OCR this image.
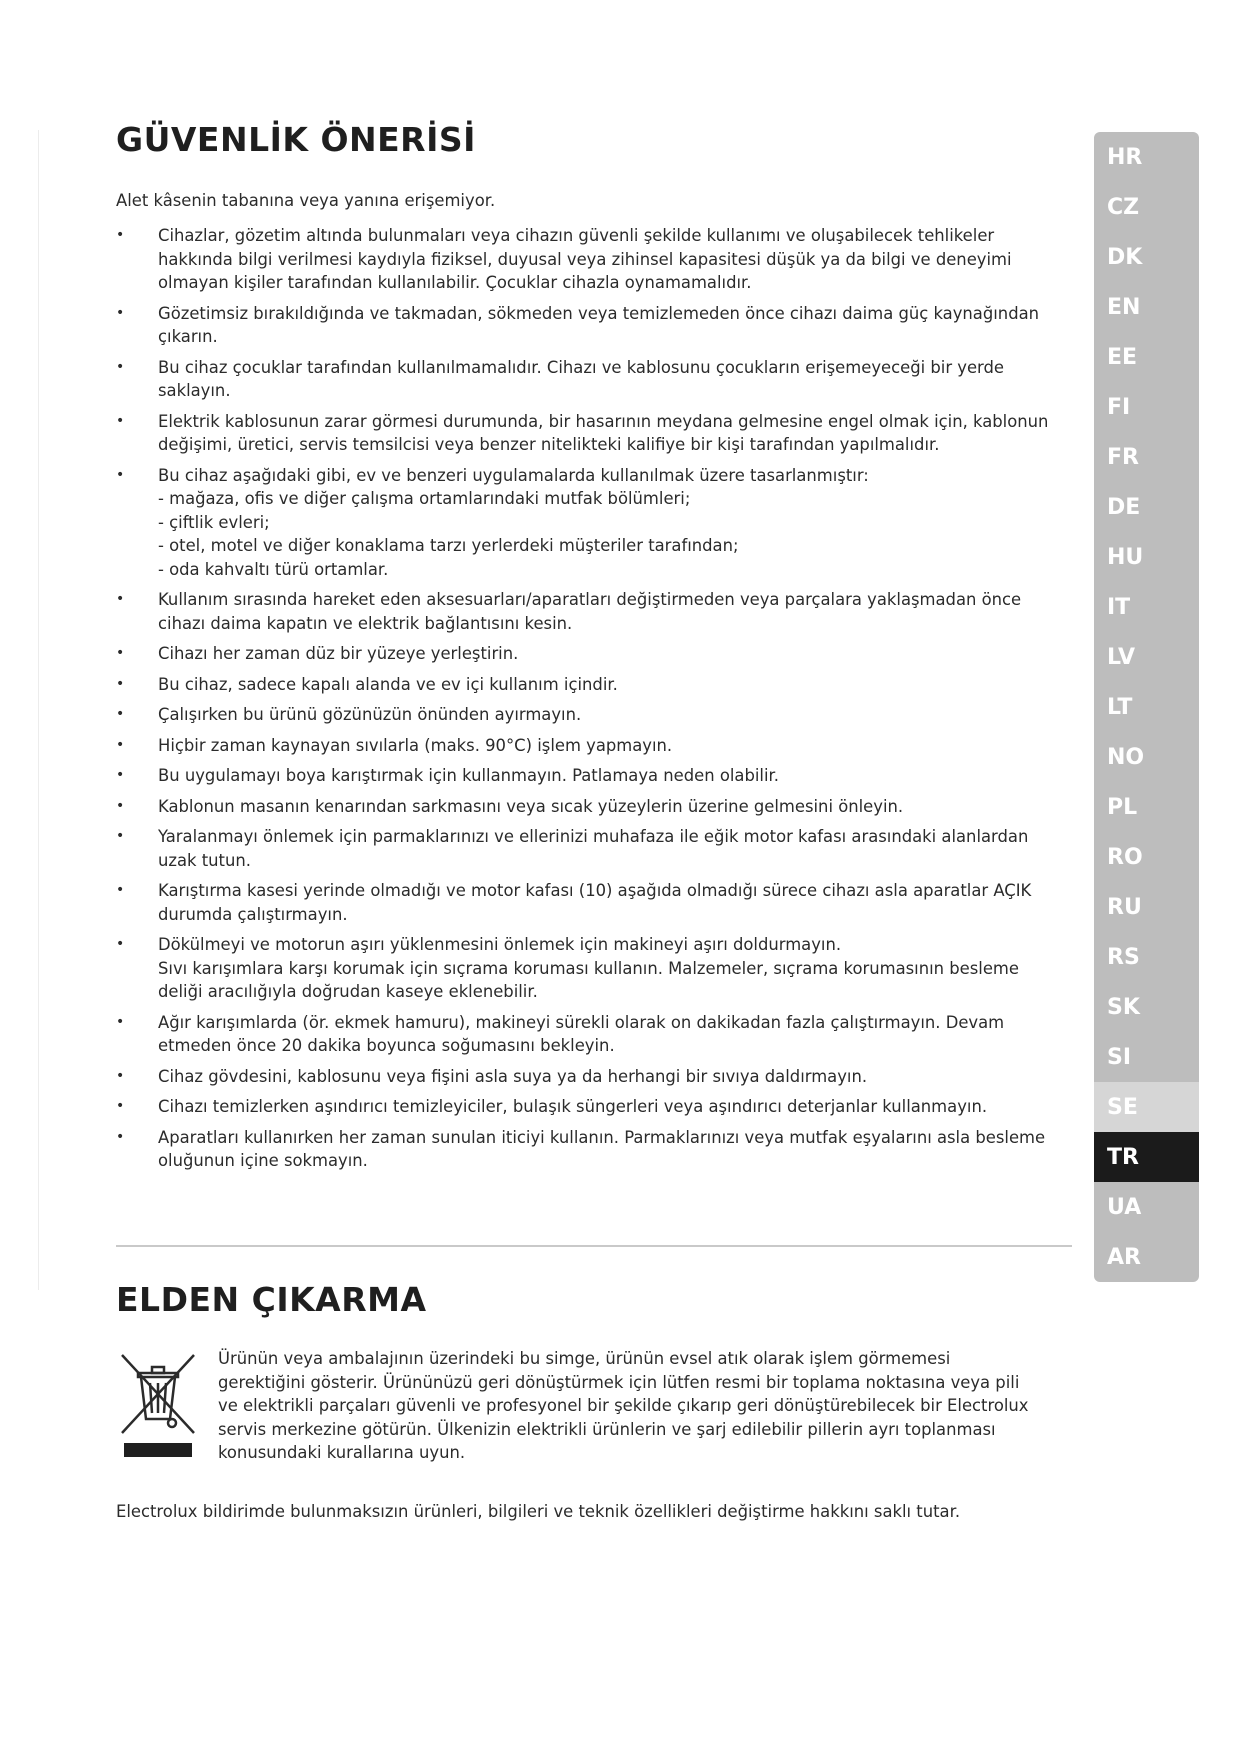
GÜVENLİK ÖNERİSİ

Alet kâsenin tabanına veya yanına erişemiyor.

• Cihazlar, gözetim altında bulunmaları veya cihazın güvenli şekilde kullanımı ve oluşabilecek tehlikeler hakkında bilgi verilmesi kaydıyla fiziksel, duyusal veya zihinsel kapasitesi düşük ya da bilgi ve deneyimi olmayan kişiler tarafından kullanılabilir. Çocuklar cihazla oynamamalıdır.
• Gözetimsiz bırakıldığında ve takmadan, sökmeden veya temizlemeden önce cihazı daima güç kaynağından çıkarın.
• Bu cihaz çocuklar tarafından kullanılmamalıdır. Cihazı ve kablosunu çocukların erişemeyeceği bir yerde saklayın.
• Elektrik kablosunun zarar görmesi durumunda, bir hasarının meydana gelmesine engel olmak için, kablonun değişimi, üretici, servis temsilcisi veya benzer nitelikteki kalifiye bir kişi tarafından yapılmalıdır.
• Bu cihaz aşağıdaki gibi, ev ve benzeri uygulamalarda kullanılmak üzere tasarlanmıştır:
- mağaza, ofis ve diğer çalışma ortamlarındaki mutfak bölümleri;
- çiftlik evleri;
- otel, motel ve diğer konaklama tarzı yerlerdeki müşteriler tarafından;
- oda kahvaltı türü ortamlar.
• Kullanım sırasında hareket eden aksesuarları/aparatları değiştirmeden veya parçalara yaklaşmadan önce cihazı daima kapatın ve elektrik bağlantısını kesin.
• Cihazı her zaman düz bir yüzeye yerleştirin.
• Bu cihaz, sadece kapalı alanda ve ev içi kullanım içindir.
• Çalışırken bu ürünü gözünüzün önünden ayırmayın.
• Hiçbir zaman kaynayan sıvılarla (maks. 90°C) işlem yapmayın.
• Bu uygulamayı boya karıştırmak için kullanmayın. Patlamaya neden olabilir.
• Kablonun masanın kenarından sarkmasını veya sıcak yüzeylerin üzerine gelmesini önleyin.
• Yaralanmayı önlemek için parmaklarınızı ve ellerinizi muhafaza ile eğik motor kafası arasındaki alanlardan uzak tutun.
• Karıştırma kasesi yerinde olmadığı ve motor kafası (10) aşağıda olmadığı sürece cihazı asla aparatlar AÇIK durumda çalıştırmayın.
• Dökülmeyi ve motorun aşırı yüklenmesini önlemek için makineyi aşırı doldurmayın.
Sıvı karışımlara karşı korumak için sıçrama koruması kullanın. Malzemeler, sıçrama korumasının besleme deliği aracılığıyla doğrudan kaseye eklenebilir.
• Ağır karışımlarda (ör. ekmek hamuru), makineyi sürekli olarak on dakikadan fazla çalıştırmayın. Devam etmeden önce 20 dakika boyunca soğumasını bekleyin.
• Cihaz gövdesini, kablosunu veya fişini asla suya ya da herhangi bir sıvıya daldırmayın.
• Cihazı temizlerken aşındırıcı temizleyiciler, bulaşık süngerleri veya aşındırıcı deterjanlar kullanmayın.
• Aparatları kullanırken her zaman sunulan iticiyi kullanın. Parmaklarınızı veya mutfak eşyalarını asla besleme oluğunun içine sokmayın.
ELDEN ÇIKARMA

Ürünün veya ambalajının üzerindeki bu simge, ürünün evsel atık olarak işlem görmemesi gerektiğini gösterir. Ürününüzü geri dönüştürmek için lütfen resmi bir toplama noktasına veya pili ve elektrikli parçaları güvenli ve profesyonel bir şekilde çıkarıp geri dönüştürebilecek bir Electrolux servis merkezine götürün. Ülkenizin elektrikli ürünlerin ve şarj edilebilir pillerin ayrı toplanması konusundaki kurallarına uyun.

Electrolux bildirimde bulunmaksızın ürünleri, bilgileri ve teknik özellikleri değiştirme hakkını saklı tutar.

HR
CZ
DK
EN
EE
FI
FR
DE
HU
IT
LV
LT
NO
PL
RO
RU
RS
SK
SI
SE
TR
UA
AR
